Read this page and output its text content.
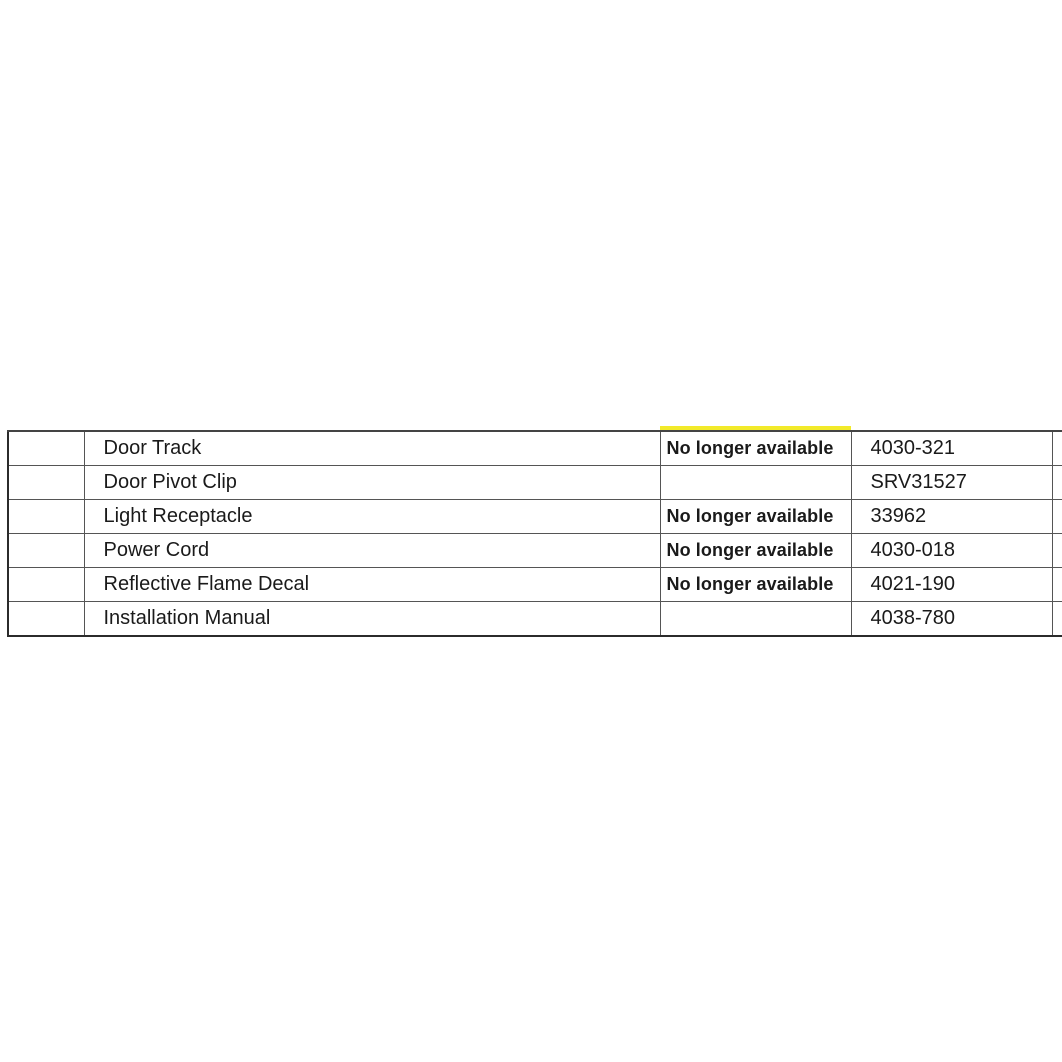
	Door Track	No longer available	4030-321	
	Door Pivot Clip		SRV31527	
	Light Receptacle	No longer available	33962	
	Power Cord	No longer available	4030-018	
	Reflective Flame Decal	No longer available	4021-190	
	Installation Manual		4038-780	
